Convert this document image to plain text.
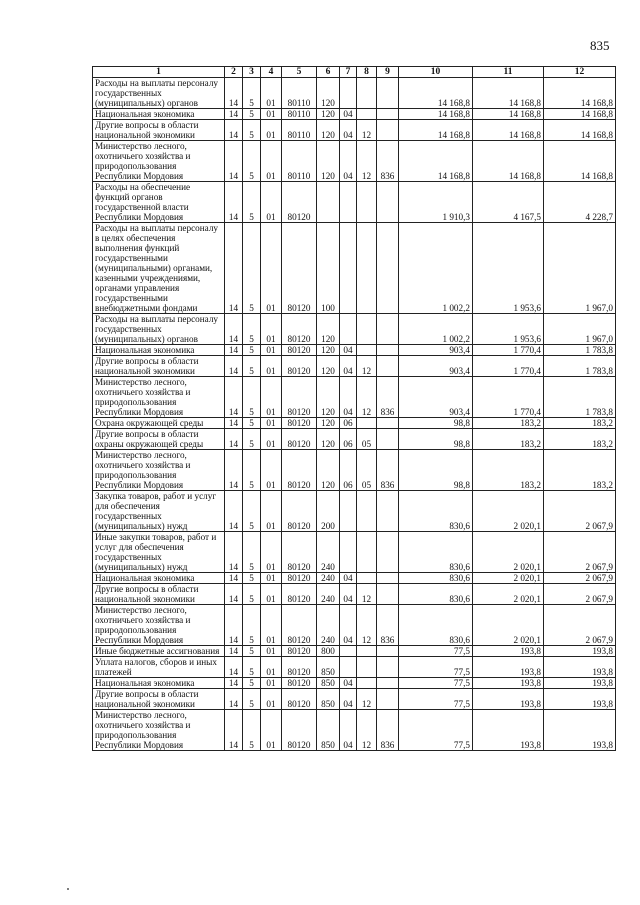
835
1	2	3	4	5	6	7	8	9	10	11	12
Расходы на выплаты персоналу государственных (муниципальных) органов	14	5	01	80110	120				14 168,8	14 168,8	14 168,8
Национальная экономика	14	5	01	80110	120	04			14 168,8	14 168,8	14 168,8
Другие вопросы в области национальной экономики	14	5	01	80110	120	04	12		14 168,8	14 168,8	14 168,8
Министерство лесного, охотничьего хозяйства и природопользования Республики Мордовия	14	5	01	80110	120	04	12	836	14 168,8	14 168,8	14 168,8
Расходы на обеспечение функций органов государственной власти Республики Мордовия	14	5	01	80120					1 910,3	4 167,5	4 228,7
Расходы на выплаты персоналу в целях обеспечения выполнения функций государственными (муниципальными) органами, казенными учреждениями, органами управления государственными внебюджетными фондами	14	5	01	80120	100				1 002,2	1 953,6	1 967,0
Расходы на выплаты персоналу государственных (муниципальных) органов	14	5	01	80120	120				1 002,2	1 953,6	1 967,0
Национальная экономика	14	5	01	80120	120	04			903,4	1 770,4	1 783,8
Другие вопросы в области национальной экономики	14	5	01	80120	120	04	12		903,4	1 770,4	1 783,8
Министерство лесного, охотничьего хозяйства и природопользования Республики Мордовия	14	5	01	80120	120	04	12	836	903,4	1 770,4	1 783,8
Охрана окружающей среды	14	5	01	80120	120	06			98,8	183,2	183,2
Другие вопросы в области охраны окружающей среды	14	5	01	80120	120	06	05		98,8	183,2	183,2
Министерство лесного, охотничьего хозяйства и природопользования Республики Мордовия	14	5	01	80120	120	06	05	836	98,8	183,2	183,2
Закупка товаров, работ и услуг для обеспечения государственных (муниципальных) нужд	14	5	01	80120	200				830,6	2 020,1	2 067,9
Иные закупки товаров, работ и услуг для обеспечения государственных (муниципальных) нужд	14	5	01	80120	240				830,6	2 020,1	2 067,9
Национальная экономика	14	5	01	80120	240	04			830,6	2 020,1	2 067,9
Другие вопросы в области национальной экономики	14	5	01	80120	240	04	12		830,6	2 020,1	2 067,9
Министерство лесного, охотничьего хозяйства и природопользования Республики Мордовия	14	5	01	80120	240	04	12	836	830,6	2 020,1	2 067,9
Иные бюджетные ассигнования	14	5	01	80120	800				77,5	193,8	193,8
Уплата налогов, сборов и иных платежей	14	5	01	80120	850				77,5	193,8	193,8
Национальная экономика	14	5	01	80120	850	04			77,5	193,8	193,8
Другие вопросы в области национальной экономики	14	5	01	80120	850	04	12		77,5	193,8	193,8
Министерство лесного, охотничьего хозяйства и природопользования Республики Мордовия	14	5	01	80120	850	04	12	836	77,5	193,8	193,8
